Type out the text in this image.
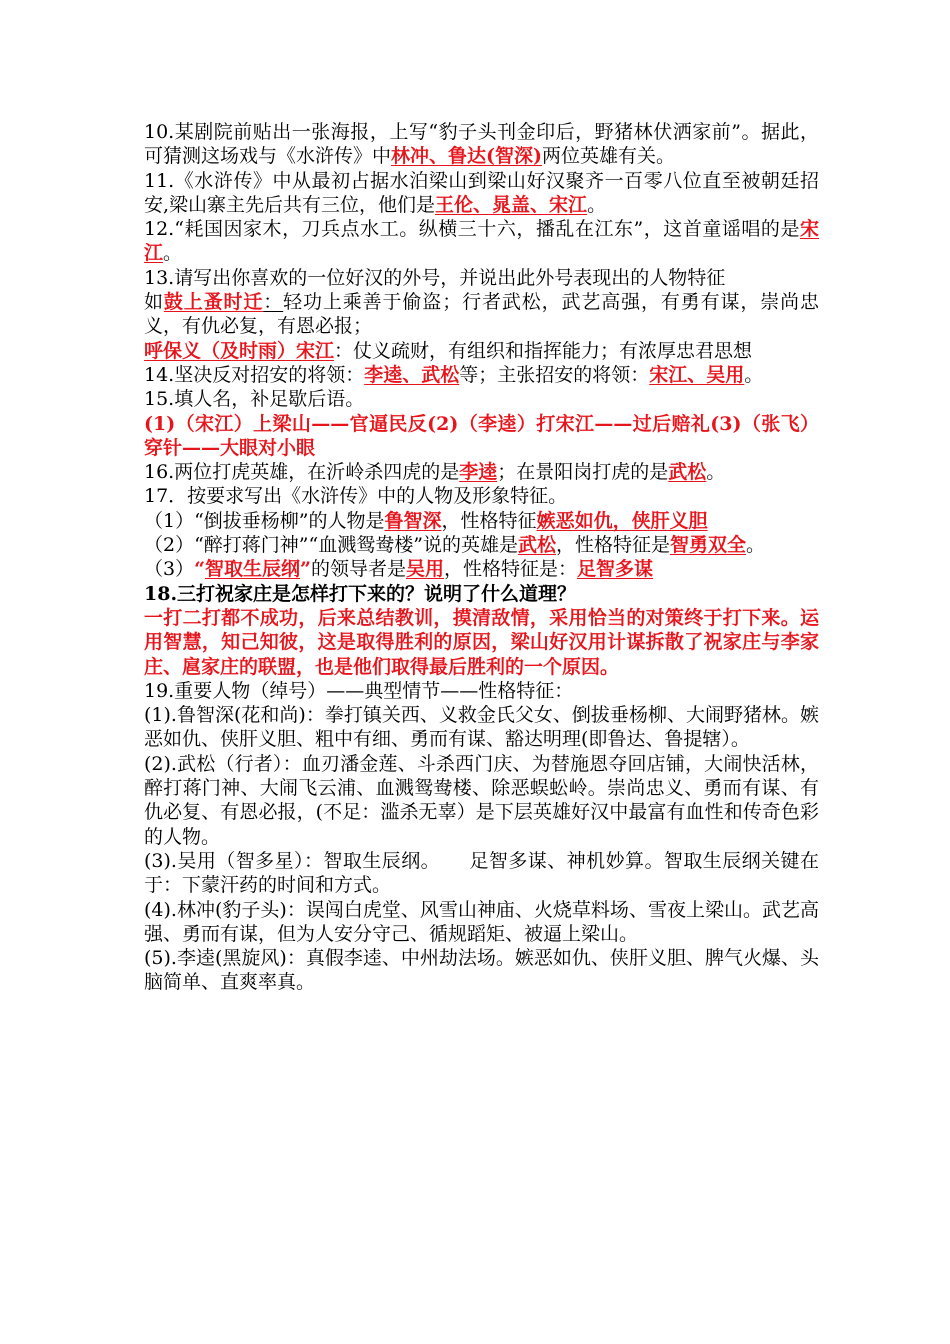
10.某剧院前贴出一张海报，上写“豹子头刊金印后，野猪林伏洒家前”。据此，可猜测这场戏与《水浒传》中林冲、鲁达(智深)两位英雄有关。

11.《水浒传》中从最初占据水泊梁山到梁山好汉聚齐一百零八位直至被朝廷招安,梁山寨主先后共有三位，他们是王伦、晁盖、宋江。

12.“耗国因家木，刀兵点水工。纵横三十六，播乱在江东”，这首童谣唱的是宋江。

13.请写出你喜欢的一位好汉的外号，并说出此外号表现出的人物特征

如鼓上蚤时迁：轻功上乘善于偷盗；行者武松，武艺高强，有勇有谋，崇尚忠义，有仇必复，有恩必报；

呼保义（及时雨）宋江：仗义疏财，有组织和指挥能力；有浓厚忠君思想

14.坚决反对招安的将领：李逵、武松等；主张招安的将领：宋江、吴用。

15.填人名，补足歇后语。

(1)（宋江）上梁山——官逼民反(2)（李逵）打宋江——过后赔礼(3)（张飞）穿针——大眼对小眼

16.两位打虎英雄，在沂岭杀四虎的是李逵；在景阳岗打虎的是武松。

17．按要求写出《水浒传》中的人物及形象特征。

（1）“倒拔垂杨柳”的人物是鲁智深，性格特征嫉恶如仇，侠肝义胆

（2）“醉打蒋门神”“血溅鸳鸯楼”说的英雄是武松，性格特征是智勇双全。

（3）“智取生辰纲”的领导者是吴用，性格特征是：足智多谋

18.三打祝家庄是怎样打下来的？说明了什么道理？

一打二打都不成功，后来总结教训，摸清敌情，采用恰当的对策终于打下来。运用智慧，知己知彼，这是取得胜利的原因，梁山好汉用计谋拆散了祝家庄与李家庄、扈家庄的联盟，也是他们取得最后胜利的一个原因。

19.重要人物（绰号）——典型情节——性格特征：

(1).鲁智深(花和尚)：拳打镇关西、义救金氏父女、倒拔垂杨柳、大闹野猪林。嫉恶如仇、侠肝义胆、粗中有细、勇而有谋、豁达明理(即鲁达、鲁提辖）。

(2).武松（行者）：血刃潘金莲、斗杀西门庆、为替施恩夺回店铺，大闹快活林，醉打蒋门神、大闹飞云浦、血溅鸳鸯楼、除恶蜈蚣岭。崇尚忠义、勇而有谋、有仇必复、有恩必报，(不足：滥杀无辜）是下层英雄好汉中最富有血性和传奇色彩的人物。

(3).吴用（智多星）：智取生辰纲。　　足智多谋、神机妙算。智取生辰纲关键在于：下蒙汗药的时间和方式。

(4).林冲(豹子头)：误闯白虎堂、风雪山神庙、火烧草料场、雪夜上梁山。武艺高强、勇而有谋，但为人安分守己、循规蹈矩、被逼上梁山。

(5).李逵(黑旋风)：真假李逵、中州劫法场。嫉恶如仇、侠肝义胆、脾气火爆、头脑简单、直爽率真。
